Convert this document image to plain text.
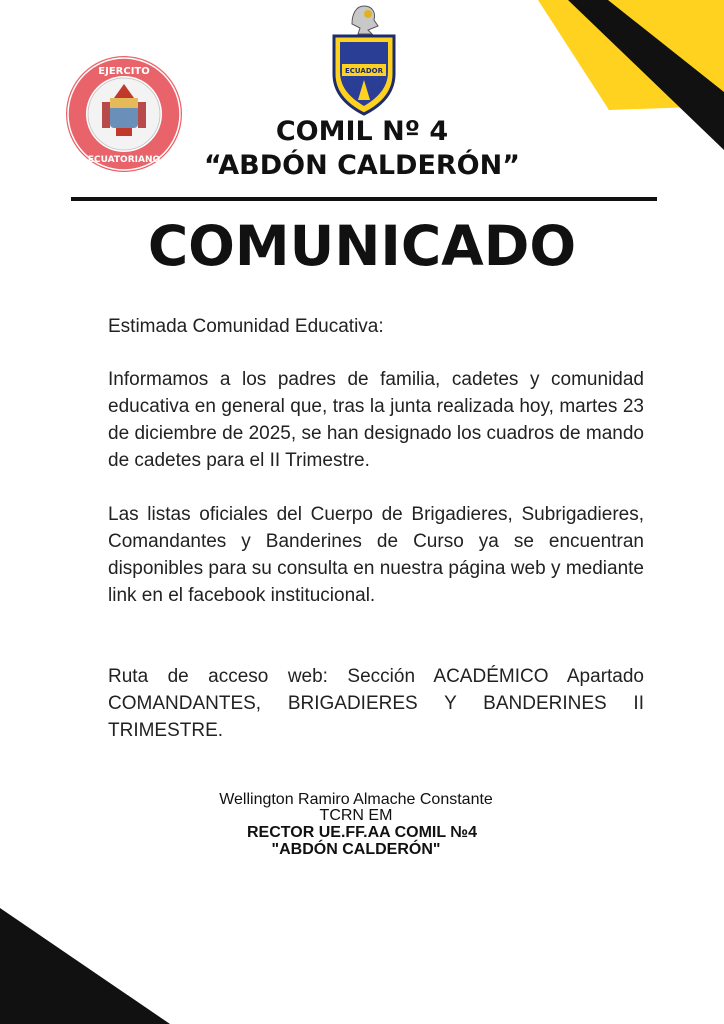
EJERCITO
ECUATORIANO
ECUADOR
COMIL Nº 4
“ABDÓN CALDERÓN”
COMUNICADO
Estimada Comunidad Educativa:
Informamos a los padres de familia, cadetes y comunidad educativa en general que, tras la junta realizada hoy, martes 23 de diciembre de 2025, se han designado los cuadros de mando de cadetes para el II Trimestre.
Las listas oficiales del Cuerpo de Brigadieres, Subrigadieres, Comandantes y Banderines de Curso ya se encuentran disponibles para su consulta en nuestra página web y mediante link en el facebook institucional.
Ruta de acceso web: Sección ACADÉMICO Apartado COMANDANTES, BRIGADIERES Y BANDERINES II TRIMESTRE.
Wellington Ramiro Almache Constante
TCRN EM
RECTOR UE.FF.AA COMIL №4
"ABDÓN CALDERÓN"
